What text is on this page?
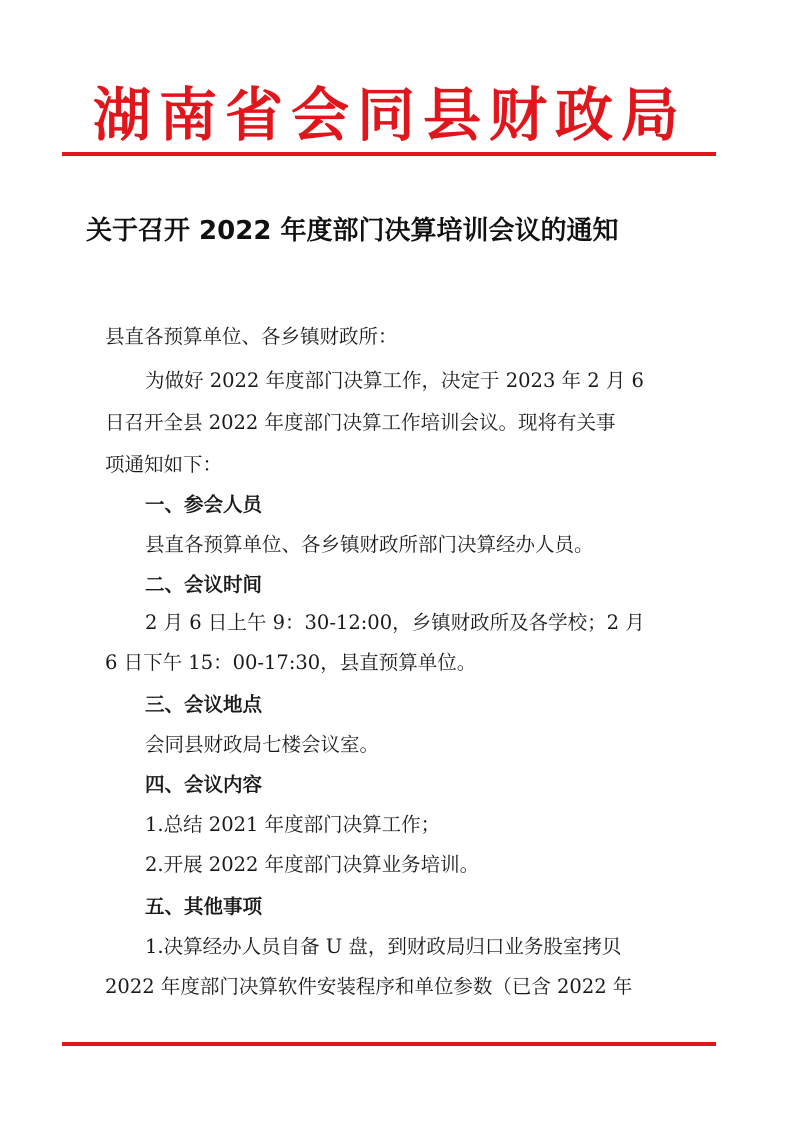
湖南省会同县财政局
关于召开 2022 年度部门决算培训会议的通知
县直各预算单位、各乡镇财政所：
为做好 2022 年度部门决算工作，决定于 2023 年 2 月 6
日召开全县 2022 年度部门决算工作培训会议。现将有关事
项通知如下：
一、参会人员
县直各预算单位、各乡镇财政所部门决算经办人员。
二、会议时间
2 月 6 日上午 9：30-12:00，乡镇财政所及各学校；2 月
6 日下午 15：00-17:30，县直预算单位。
三、会议地点
会同县财政局七楼会议室。
四、会议内容
1.总结 2021 年度部门决算工作；
2.开展 2022 年度部门决算业务培训。
五、其他事项
1.决算经办人员自备 U 盘，到财政局归口业务股室拷贝
2022 年度部门决算软件安装程序和单位参数（已含 2022 年
